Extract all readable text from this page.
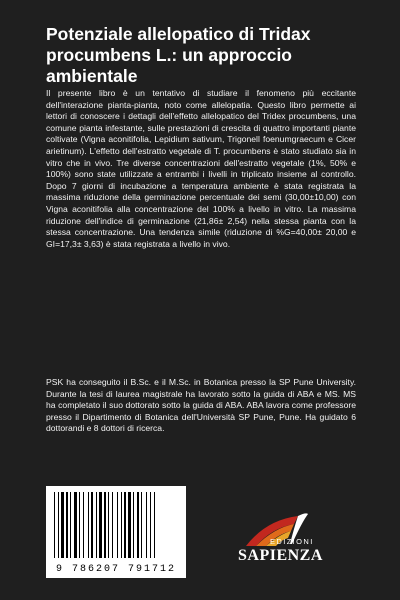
Potenziale allelopatico di Tridax procumbens L.: un approccio ambientale

Il presente libro è un tentativo di studiare il fenomeno più eccitante dell'interazione pianta-pianta, noto come allelopatia. Questo libro permette ai lettori di conoscere i dettagli dell'effetto allelopatico del Tridex procumbens, una comune pianta infestante, sulle prestazioni di crescita di quattro importanti piante coltivate (Vigna aconitifolia, Lepidium sativum, Trigonell foenumgraecum e Cicer arietinum). L'effetto dell'estratto vegetale di T. procumbens è stato studiato sia in vitro che in vivo. Tre diverse concentrazioni dell'estratto vegetale (1%, 50% e 100%) sono state utilizzate a entrambi i livelli in triplicato insieme al controllo. Dopo 7 giorni di incubazione a temperatura ambiente è stata registrata la massima riduzione della germinazione percentuale dei semi (30,00±10,00) con Vigna aconitifolia alla concentrazione del 100% a livello in vitro. La massima riduzione dell'indice di germinazione (21,86± 2,54) nella stessa pianta con la stessa concentrazione. Una tendenza simile (riduzione di %G=40,00± 20,00 e GI=17,3± 3,63) è stata registrata a livello in vivo.

PSK ha conseguito il B.Sc. e il M.Sc. in Botanica presso la SP Pune University. Durante la tesi di laurea magistrale ha lavorato sotto la guida di ABA e MS. MS ha completato il suo dottorato sotto la guida di ABA. ABA lavora come professore presso il Dipartimento di Botanica dell'Università SP Pune, Pune. Ha guidato 6 dottorandi e 8 dottori di ricerca.

9 786207 791712
EDIZIONI
SAPIENZA
